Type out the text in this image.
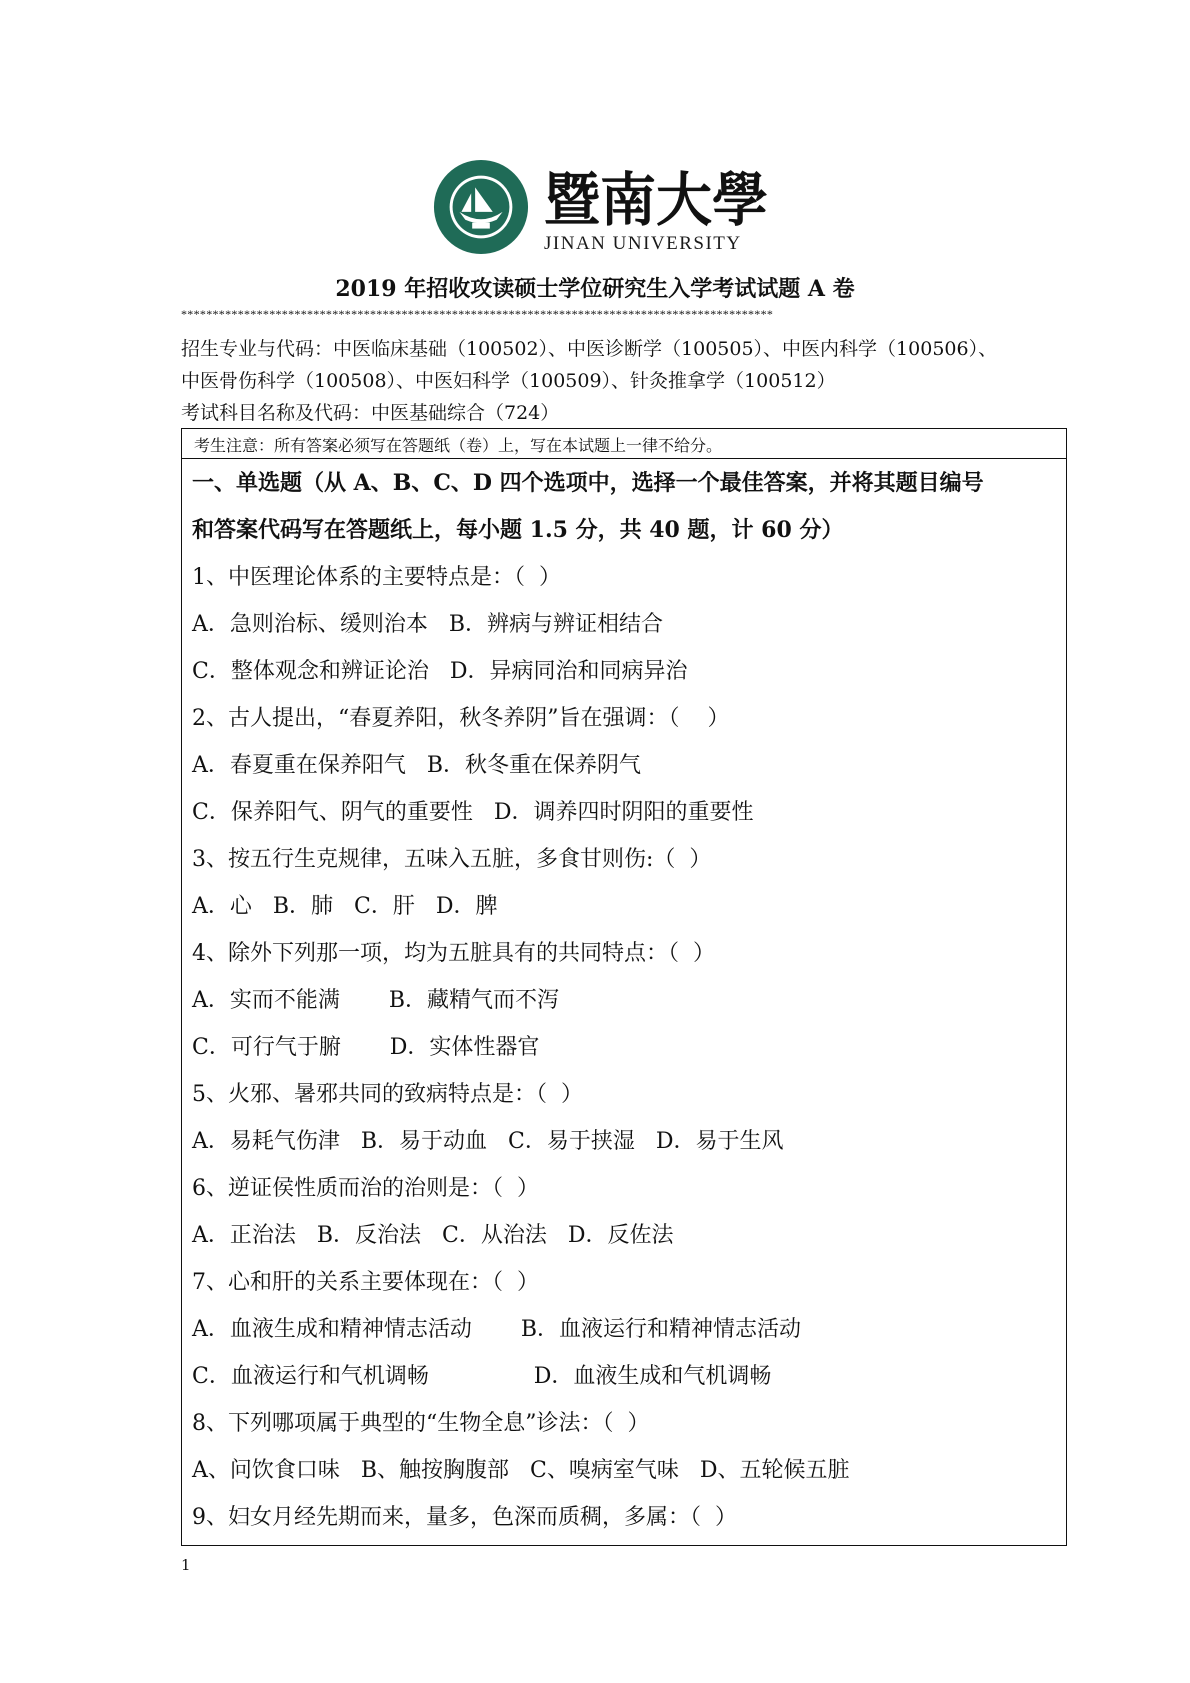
暨南大學
JINAN UNIVERSITY
2019 年招收攻读硕士学位研究生入学考试试题 A 卷
**********************************************************************************************
招生专业与代码：中医临床基础（100502）、中医诊断学（100505）、中医内科学（100506）、
中医骨伤科学（100508）、中医妇科学（100509）、针灸推拿学（100512）
考试科目名称及代码：中医基础综合（724）
考生注意：所有答案必须写在答题纸（卷）上，写在本试题上一律不给分。
一、单选题（从 A、B、C、D 四个选项中，选择一个最佳答案，并将其题目编号
和答案代码写在答题纸上，每小题 1.5 分，共 40 题，计 60 分）
1、中医理论体系的主要特点是：（  ）
A．急则治标、缓则治本   B．辨病与辨证相结合
C．整体观念和辨证论治   D．异病同治和同病异治
2、古人提出，“春夏养阳，秋冬养阴”旨在强调：（    ）
A．春夏重在保养阳气   B．秋冬重在保养阴气
C．保养阳气、阴气的重要性   D．调养四时阴阳的重要性
3、按五行生克规律，五味入五脏，多食甘则伤:（  ）
A．心   B．肺   C．肝   D．脾
4、除外下列那一项，均为五脏具有的共同特点：（  ）
A．实而不能满       B．藏精气而不泻
C．可行气于腑       D．实体性器官
5、火邪、暑邪共同的致病特点是：（  ）
A．易耗气伤津   B．易于动血   C．易于挟湿   D．易于生风
6、逆证侯性质而治的治则是：（  ）
A．正治法   B．反治法   C．从治法   D．反佐法
7、心和肝的关系主要体现在：（  ）
A．血液生成和精神情志活动       B．血液运行和精神情志活动
C．血液运行和气机调畅               D．血液生成和气机调畅
8、下列哪项属于典型的“生物全息”诊法：（  ）
A、问饮食口味   B、触按胸腹部   C、嗅病室气味   D、五轮候五脏
9、妇女月经先期而来，量多，色深而质稠，多属：（  ）
1
